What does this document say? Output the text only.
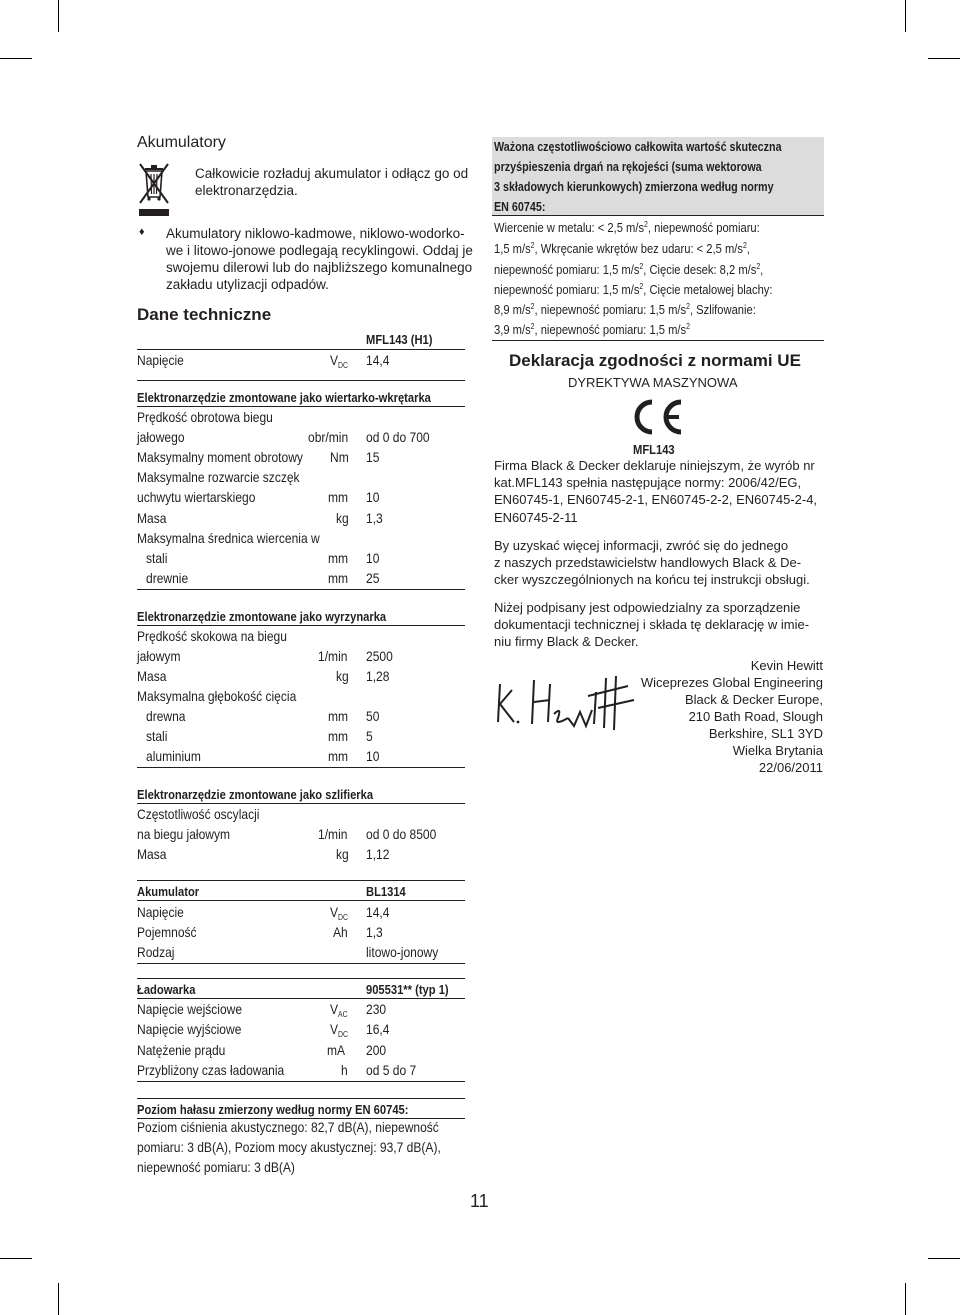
Akumulatory
Całkowicie rozładuj akumulator i odłącz go od
elektronarzędzia.
♦ Akumulatory niklowo-kadmowe, niklowo-wodorko-
we i litowo-jonowe podlegają recyklingowi. Oddaj je
swojemu dilerowi lub do najbliższego komunalnego
zakładu utylizacji odpadów.
Dane techniczne
MFL143 (H1)
Napięcie	$V_{DC}$ 14,4
Elektronarzędzie zmontowane jako wiertarko-wkrętarka
Prędkość obrotowa biegu
jałowego	obr/min od 0 do 700
Maksymalny moment obrotowy Nm 15
Maksymalne rozwarcie szczęk
uchwytu wiertarskiego	mm 10
Masa	kg 1,3
Maksymalna średnica wiercenia w
stali	mm 10
drewnie	mm 25
Elektronarzędzie zmontowane jako wyrzynarka
Prędkość skokowa na biegu
jałowym	1/min 2500
Masa	kg 1,28
Maksymalna głębokość cięcia
drewna	mm 50
stali	mm 5
aluminium	mm 10
Elektronarzędzie zmontowane jako szlifierka
Częstotliwość oscylacji
na biegu jałowym	1/min od 0 do 8500
Masa	kg 1,12
Akumulator	BL1314
Napięcie	$V_{DC}$ 14,4
Pojemność	Ah 1,3
Rodzaj	litowo-jonowy
Ładowarka	905531** (typ 1)
Napięcie wejściowe	$V_{AC}$ 230
Napięcie wyjściowe	$V_{DC}$ 16,4
Natężenie prądu	mA 200
Przybliżony czas ładowania	h od 5 do 7
Poziom hałasu zmierzony według normy EN 60745:
Poziom ciśnienia akustycznego: 82,7 dB(A), niepewność
pomiaru: 3 dB(A), Poziom mocy akustycznej: 93,7 dB(A),
niepewność pomiaru: 3 dB(A)
Ważona częstotliwościowo całkowita wartość skuteczna
przyśpieszenia drgań na rękojeści (suma wektorowa
3 składowych kierunkowych) zmierzona według normy
EN 60745:
Wiercenie w metalu: < 2,5 $m/s^2$, niepewność pomiaru:
1,5 $m/s^2$, Wkręcanie wkrętów bez udaru: < 2,5 $m/s^2$,
niepewność pomiaru: 1,5 $m/s^2$, Cięcie desek: 8,2 $m/s^2$,
niepewność pomiaru: 1,5 $m/s^2$, Cięcie metalowej blachy:
8,9 $m/s^2$, niepewność pomiaru: 1,5 $m/s^2$, Szlifowanie:
3,9 $m/s^2$, niepewność pomiaru: 1,5 $m/s^2$
Deklaracja zgodności z normami UE
DYREKTYWA MASZYNOWA
MFL143
Firma Black & Decker deklaruje niniejszym, że wyrób nr
kat.MFL143 spełnia następujące normy: 2006/42/EG,
EN60745-1, EN60745-2-1, EN60745-2-2, EN60745-2-4,
EN60745-2-11
By uzyskać więcej informacji, zwróć się do jednego
z naszych przedstawicielstw handlowych Black & De-
cker wyszczególnionych na końcu tej instrukcji obsługi.
Niżej podpisany jest odpowiedzialny za sporządzenie
dokumentacji technicznej i składa tę deklarację w imie-
niu firmy Black & Decker.
Kevin Hewitt
Wiceprezes Global Engineering
Black & Decker Europe,
210 Bath Road, Slough
Berkshire, SL1 3YD
Wielka Brytania
22/06/2011
11
